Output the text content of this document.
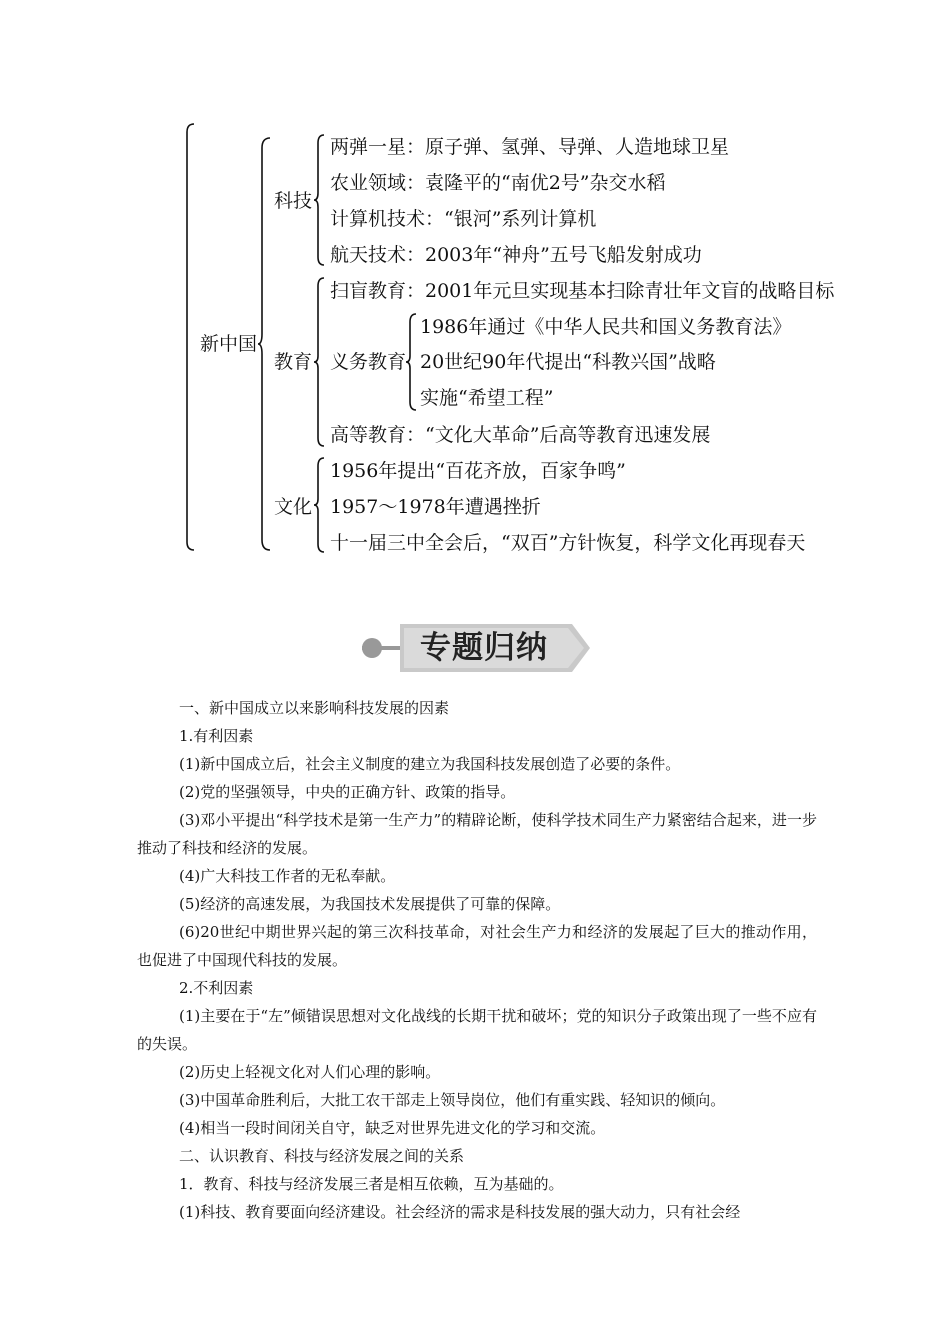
新中国
科技
两弹一星：原子弹、氢弹、导弹、人造地球卫星
农业领域：袁隆平的“南优2号”杂交水稻
计算机技术：“银河”系列计算机
航天技术：2003年“神舟”五号飞船发射成功
教育
扫盲教育：2001年元旦实现基本扫除青壮年文盲的战略目标
义务教育
高等教育：“文化大革命”后高等教育迅速发展
1986年通过《中华人民共和国义务教育法》
20世纪90年代提出“科教兴国”战略
实施“希望工程”
文化
1956年提出“百花齐放，百家争鸣”
1957～1978年遭遇挫折
十一届三中全会后，“双百”方针恢复，科学文化再现春天
专题归纳
一、新中国成立以来影响科技发展的因素
1.有利因素
(1)新中国成立后，社会主义制度的建立为我国科技发展创造了必要的条件。
(2)党的坚强领导，中央的正确方针、政策的指导。
(3)邓小平提出“科学技术是第一生产力”的精辟论断，使科学技术同生产力紧密结合起来，进一步推动了科技和经济的发展。
(4)广大科技工作者的无私奉献。
(5)经济的高速发展，为我国技术发展提供了可靠的保障。
(6)20世纪中期世界兴起的第三次科技革命，对社会生产力和经济的发展起了巨大的推动作用，也促进了中国现代科技的发展。
2.不利因素
(1)主要在于“左”倾错误思想对文化战线的长期干扰和破坏；党的知识分子政策出现了一些不应有的失误。
(2)历史上轻视文化对人们心理的影响。
(3)中国革命胜利后，大批工农干部走上领导岗位，他们有重实践、轻知识的倾向。
(4)相当一段时间闭关自守，缺乏对世界先进文化的学习和交流。
二、认识教育、科技与经济发展之间的关系
1．教育、科技与经济发展三者是相互依赖，互为基础的。
(1)科技、教育要面向经济建设。社会经济的需求是科技发展的强大动力，只有社会经
